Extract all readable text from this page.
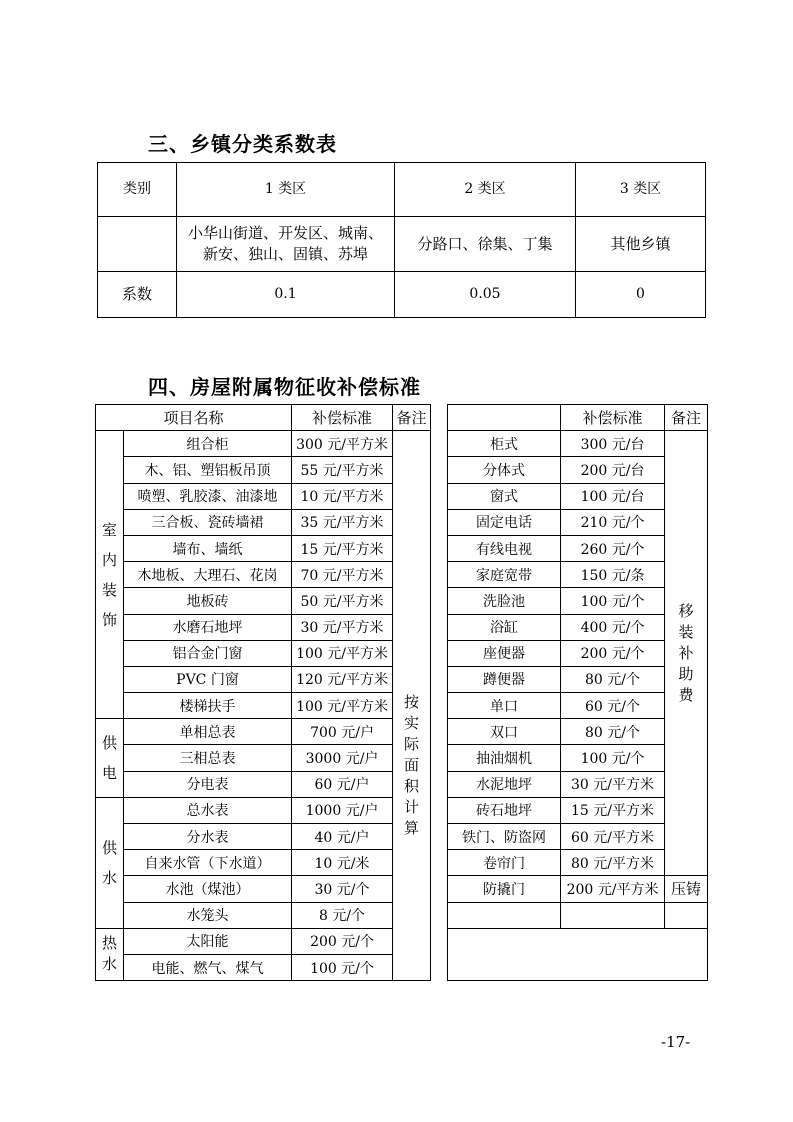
三、乡镇分类系数表
类别	1 类区	2 类区	3 类区
	小华山街道、开发区、城南、新安、独山、固镇、苏埠	分路口、徐集、丁集	其他乡镇
系数	0.1	0.05	0
四、房屋附属物征收补偿标准
项目名称		补偿标准	备注			补偿标准	备注

室内装饰	组合柜	300 元/平方米	按实际面积计算		柜式	300 元/台	移装补助费

	木、铝、塑铝板吊顶	55 元/平方米			分体式	200 元/台	
	喷塑、乳胶漆、油漆地	10 元/平方米			窗式	100 元/台	
	三合板、瓷砖墙裙	35 元/平方米			固定电话	210 元/个	
	墙布、墙纸	15 元/平方米			有线电视	260 元/个	
	木地板、大理石、花岗	70 元/平方米			家庭宽带	150 元/条	
	地板砖	50 元/平方米			洗脸池	100 元/个	
	水磨石地坪	30 元/平方米			浴缸	400 元/个	
	铝合金门窗	100 元/平方米			座便器	200 元/个	
	PVC 门窗	120 元/平方米			蹲便器	80 元/个	
	楼梯扶手	100 元/平方米			单口	60 元/个	

供电	单相总表	700 元/户			双口	80 元/个	
	三相总表	3000 元/户			抽油烟机	100 元/个	
	分电表	60 元/户			水泥地坪	30 元/平方米	

供水	总水表	1000 元/户			砖石地坪	15 元/平方米	
	分水表	40 元/户			铁门、防盗网	60 元/平方米	
	自来水管（下水道）	10 元/米			卷帘门	80 元/平方米	
	水池（煤池）	30 元/个			防撬门	200 元/平方米	压铸
	水笼头	8 元/个					

热水	太阳能	200 元/个					
	电能、燃气、煤气	100 元/个					
-17-
